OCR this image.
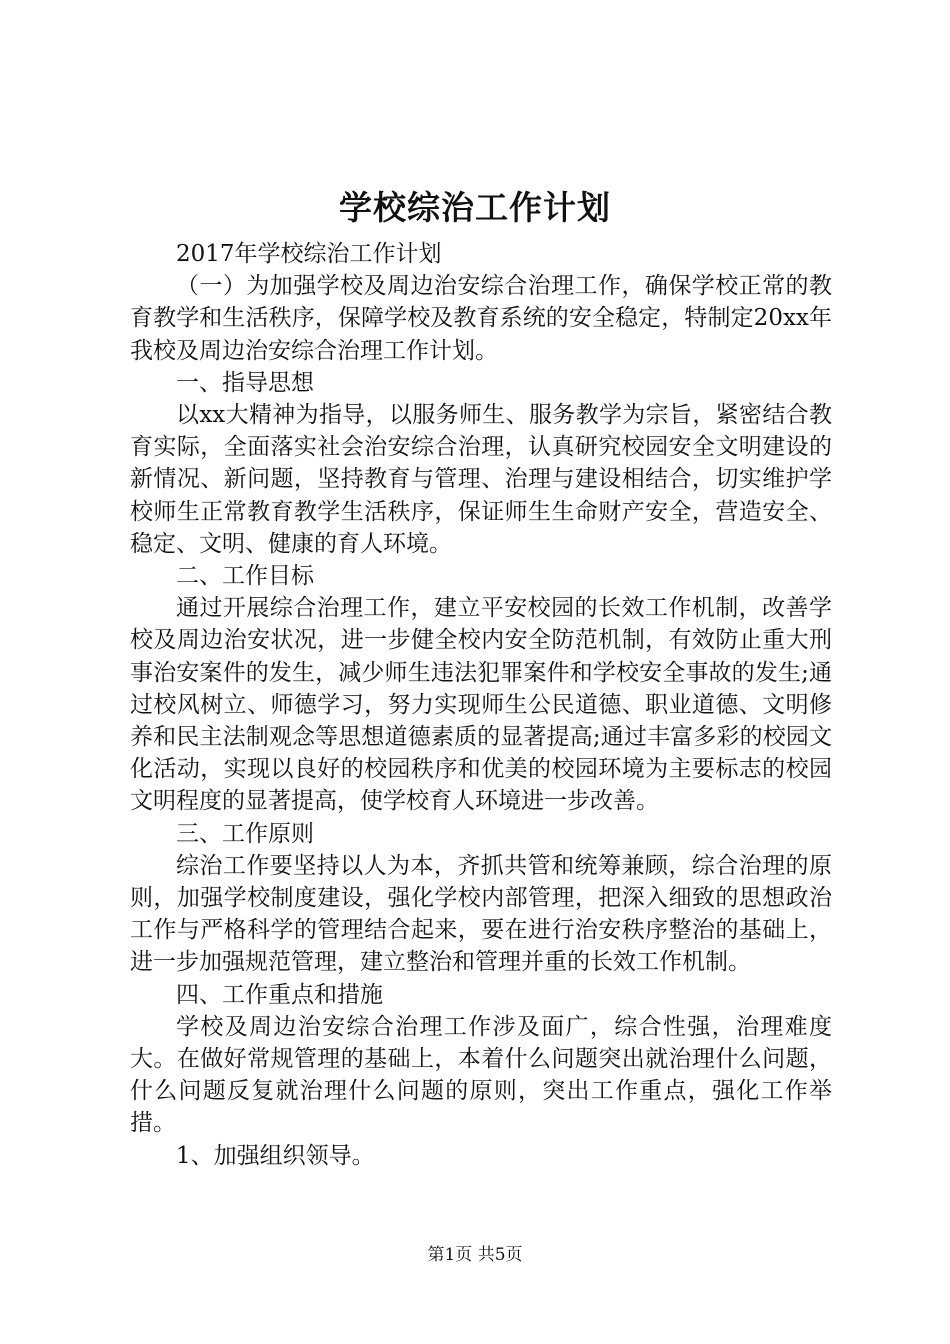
学校综治工作计划

2017年学校综治工作计划

（一）为加强学校及周边治安综合治理工作，确保学校正常的教育教学和生活秩序，保障学校及教育系统的安全稳定，特制定20xx年我校及周边治安综合治理工作计划。

一、指导思想

以xx大精神为指导，以服务师生、服务教学为宗旨，紧密结合教育实际，全面落实社会治安综合治理，认真研究校园安全文明建设的新情况、新问题，坚持教育与管理、治理与建设相结合，切实维护学校师生正常教育教学生活秩序，保证师生生命财产安全，营造安全、稳定、文明、健康的育人环境。

二、工作目标

通过开展综合治理工作，建立平安校园的长效工作机制，改善学校及周边治安状况，进一步健全校内安全防范机制，有效防止重大刑事治安案件的发生，减少师生违法犯罪案件和学校安全事故的发生;通过校风树立、师德学习，努力实现师生公民道德、职业道德、文明修养和民主法制观念等思想道德素质的显著提高;通过丰富多彩的校园文化活动，实现以良好的校园秩序和优美的校园环境为主要标志的校园文明程度的显著提高，使学校育人环境进一步改善。

三、工作原则

综治工作要坚持以人为本，齐抓共管和统筹兼顾，综合治理的原则，加强学校制度建设，强化学校内部管理，把深入细致的思想政治工作与严格科学的管理结合起来，要在进行治安秩序整治的基础上，进一步加强规范管理，建立整治和管理并重的长效工作机制。

四、工作重点和措施

学校及周边治安综合治理工作涉及面广，综合性强，治理难度大。在做好常规管理的基础上，本着什么问题突出就治理什么问题，什么问题反复就治理什么问题的原则，突出工作重点，强化工作举措。

1、加强组织领导。

第1页 共5页
